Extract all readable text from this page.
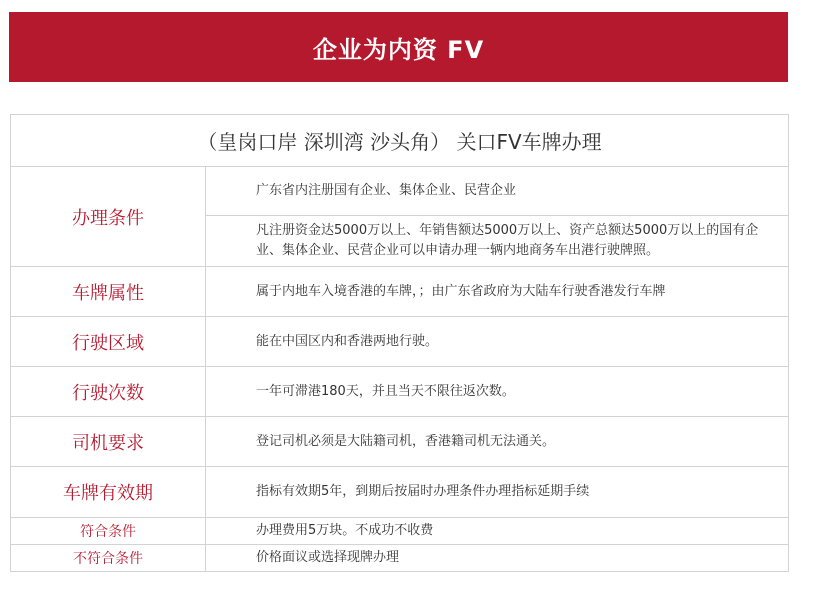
企业为内资 FV
（皇岗口岸 深圳湾 沙头角） 关口FV车牌办理	
办理条件	广东省内注册国有企业、集体企业、民营企业
凡注册资金达5000万以上、年销售额达5000万以上、资产总额达5000万以上的国有企业、集体企业、民营企业可以申请办理一辆内地商务车出港行驶牌照。

车牌属性	属于内地车入境香港的车牌，；由广东省政府为大陆车行驶香港发行车牌
行驶区域	能在中国区内和香港两地行驶。
行驶次数	一年可滞港180天，并且当天不限往返次数。
司机要求	登记司机必须是大陆籍司机，香港籍司机无法通关。
车牌有效期	指标有效期5年，到期后按届时办理条件办理指标延期手续
符合条件	办理费用5万块。不成功不收费
不符合条件	价格面议或选择现牌办理
